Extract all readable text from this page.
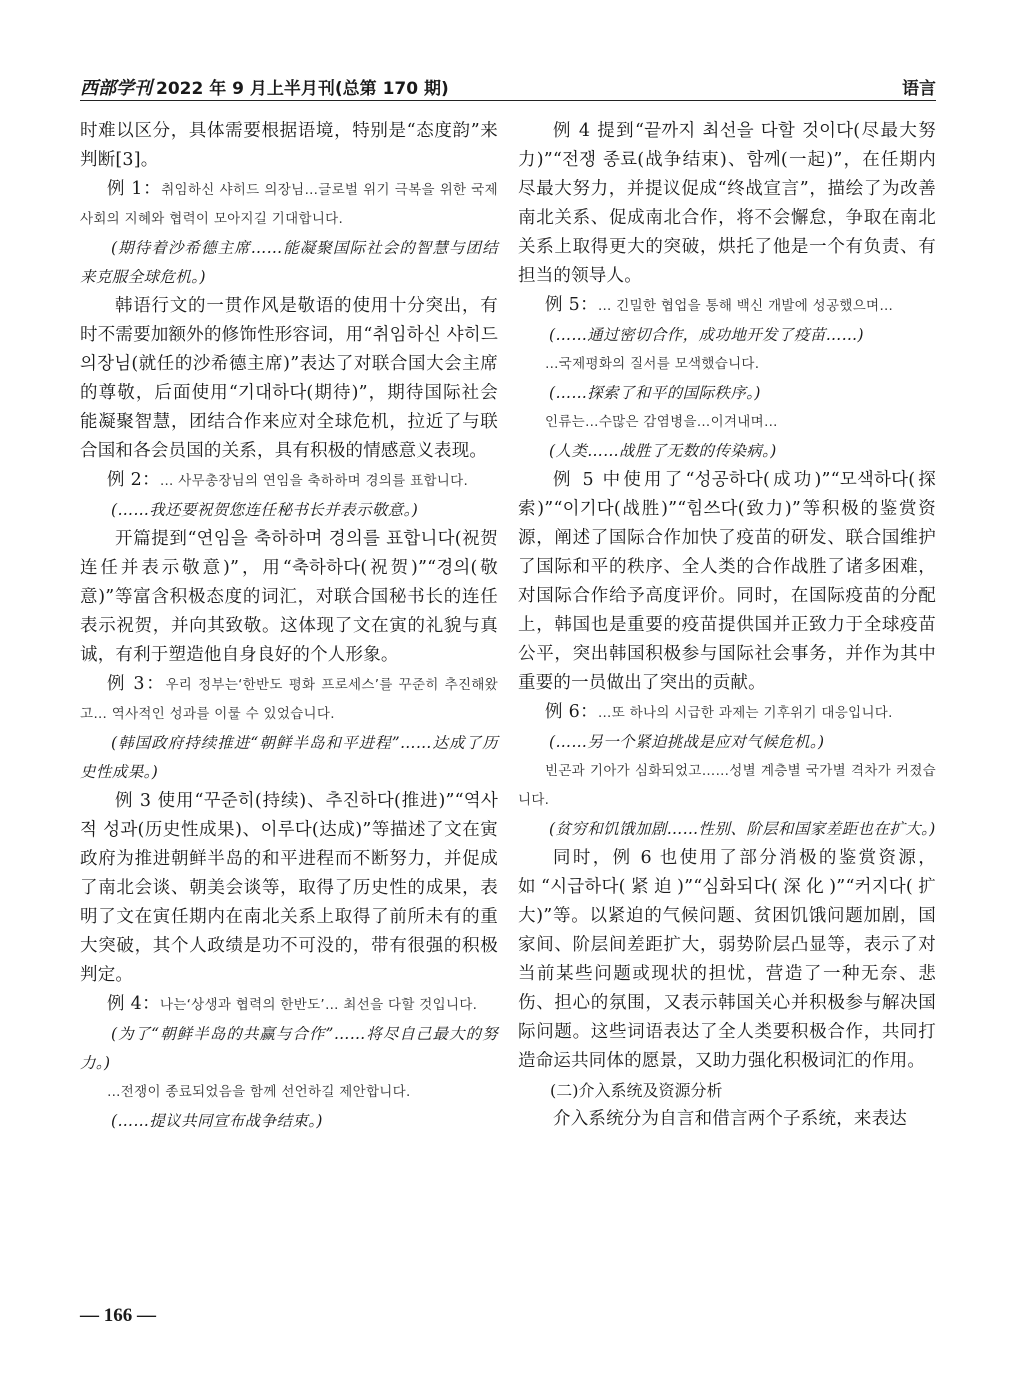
西部学刊 2022 年 9 月上半月刊(总第 170 期)	语言

时难以区分，具体需要根据语境，特别是“态度韵”来判断[3]。

例 1：취임하신 샤히드 의장님…글로벌 위기 극복을 위한 국제사회의 지혜와 협력이 모아지길 기대합니다.

(期待着沙希德主席……能凝聚国际社会的智慧与团结来克服全球危机。)

韩语行文的一贯作风是敬语的使用十分突出，有时不需要加额外的修饰性形容词，用“취임하신 샤히드 의장님(就任的沙希德主席)”表达了对联合国大会主席的尊敬，后面使用“기대하다(期待)”，期待国际社会能凝聚智慧，团结合作来应对全球危机，拉近了与联合国和各会员国的关系，具有积极的情感意义表现。

例 2：… 사무총장님의 연임을 축하하며 경의를 표합니다.

(……我还要祝贺您连任秘书长并表示敬意。)

开篇提到“연임을 축하하며 경의를 표합니다(祝贺连任并表示敬意)”，用“축하하다(祝贺)”“경의(敬意)”等富含积极态度的词汇，对联合国秘书长的连任表示祝贺，并向其致敬。这体现了文在寅的礼貌与真诚，有利于塑造他自身良好的个人形象。

例 3：우리 정부는‘한반도 평화 프로세스’를 꾸준히 추진해왔고… 역사적인 성과를 이룰 수 있었습니다.

(韩国政府持续推进“朝鲜半岛和平进程”……达成了历史性成果。)

例 3 使用“꾸준히(持续)、추진하다(推进)”“역사적 성과(历史性成果)、이루다(达成)”等描述了文在寅政府为推进朝鲜半岛的和平进程而不断努力，并促成了南北会谈、朝美会谈等，取得了历史性的成果，表明了文在寅任期内在南北关系上取得了前所未有的重大突破，其个人政绩是功不可没的，带有很强的积极判定。

例 4：나는‘상생과 협력의 한반도’… 최선을 다할 것입니다.

(为了“朝鲜半岛的共赢与合作”……将尽自己最大的努力。)

…전쟁이 종료되었음을 함께 선언하길 제안합니다.

(……提议共同宣布战争结束。)

例 4 提到“끝까지 최선을 다할 것이다(尽最大努力)”“전쟁 종료(战争结束)、함께(一起)”，在任期内尽最大努力，并提议促成“终战宣言”，描绘了为改善南北关系、促成南北合作，将不会懈怠，争取在南北关系上取得更大的突破，烘托了他是一个有负责、有担当的领导人。

例 5：… 긴밀한 협업을 통해 백신 개발에 성공했으며…

(……通过密切合作，成功地开发了疫苗……)

…국제평화의 질서를 모색했습니다.

(……探索了和平的国际秩序。)

인류는…수많은 감염병을…이겨내며…

(人类……战胜了无数的传染病。)

例 5 中使用了“성공하다(成功)”“모색하다(探索)”“이기다(战胜)”“힘쓰다(致力)”等积极的鉴赏资源，阐述了国际合作加快了疫苗的研发、联合国维护了国际和平的秩序、全人类的合作战胜了诸多困难，对国际合作给予高度评价。同时，在国际疫苗的分配上，韩国也是重要的疫苗提供国并正致力于全球疫苗公平，突出韩国积极参与国际社会事务，并作为其中重要的一员做出了突出的贡献。

例 6：…또 하나의 시급한 과제는 기후위기 대응입니다.

(……另一个紧迫挑战是应对气候危机。)

빈곤과 기아가 심화되었고……성별 계층별 국가별 격차가 커졌습니다.

(贫穷和饥饿加剧……性别、阶层和国家差距也在扩大。)

同时，例 6 也使用了部分消极的鉴赏资源，如“시급하다(紧迫)”“심화되다(深化)”“커지다(扩大)”等。以紧迫的气候问题、贫困饥饿问题加剧，国家间、阶层间差距扩大，弱势阶层凸显等，表示了对当前某些问题或现状的担忧，营造了一种无奈、悲伤、担心的氛围，又表示韩国关心并积极参与解决国际问题。这些词语表达了全人类要积极合作，共同打造命运共同体的愿景，又助力强化积极词汇的作用。

(二)介入系统及资源分析

介入系统分为自言和借言两个子系统，来表达

— 166 —
